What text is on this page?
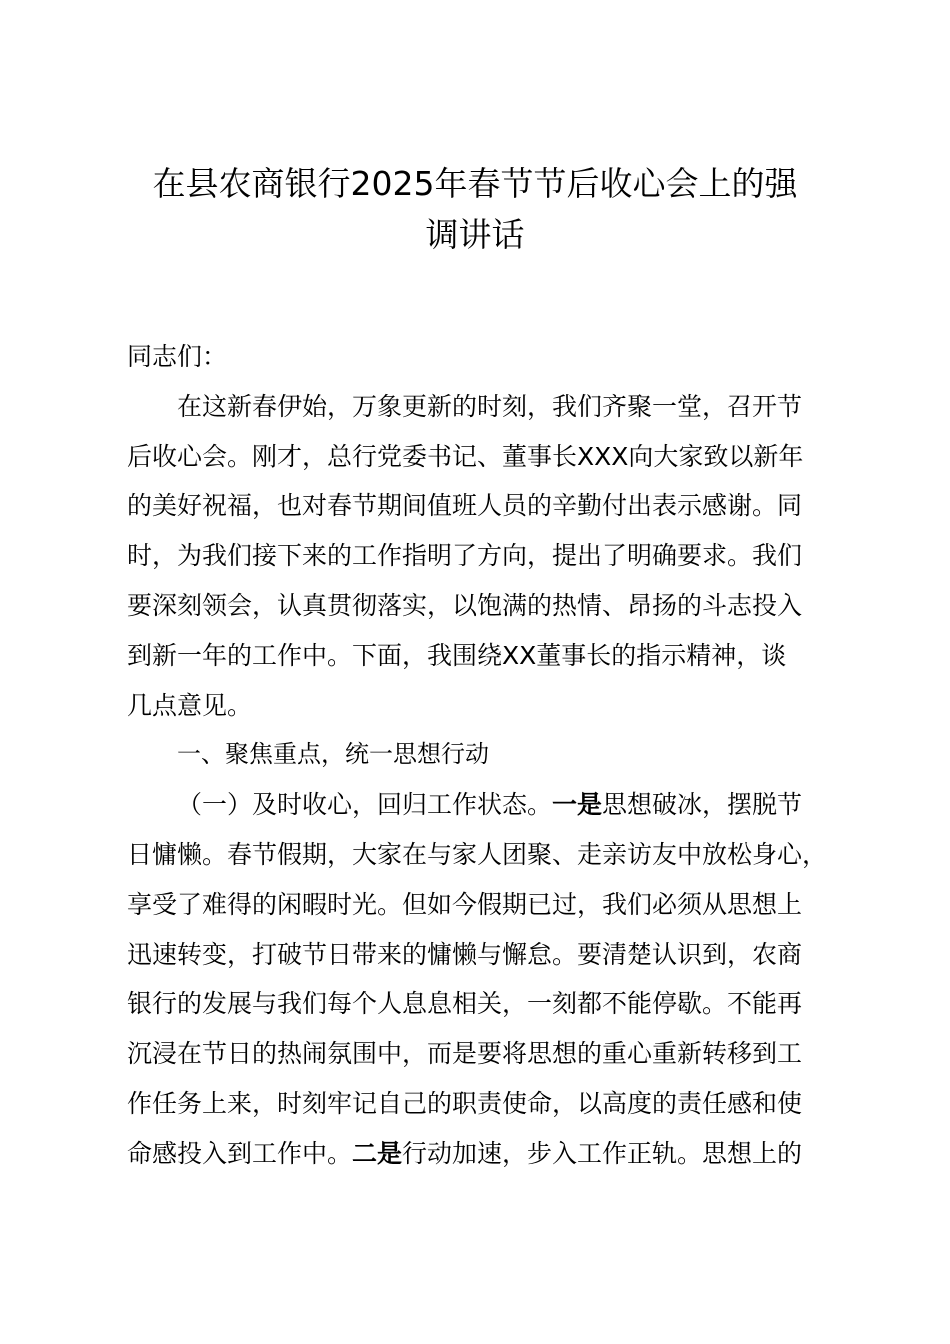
在县农商银行2025年春节节后收心会上的强
调讲话

同志们：

在这新春伊始，万象更新的时刻，我们齐聚一堂，召开节
后收心会。刚才，总行党委书记、董事长XXX向大家致以新年
的美好祝福，也对春节期间值班人员的辛勤付出表示感谢。同
时，为我们接下来的工作指明了方向，提出了明确要求。我们
要深刻领会，认真贯彻落实，以饱满的热情、昂扬的斗志投入
到新一年的工作中。下面，我围绕XX董事长的指示精神，谈
几点意见。

一、聚焦重点，统一思想行动

（一）及时收心，回归工作状态。一是思想破冰，摆脱节
日慵懒。春节假期，大家在与家人团聚、走亲访友中放松身心，
享受了难得的闲暇时光。但如今假期已过，我们必须从思想上
迅速转变，打破节日带来的慵懒与懈怠。要清楚认识到，农商
银行的发展与我们每个人息息相关，一刻都不能停歇。不能再
沉浸在节日的热闹氛围中，而是要将思想的重心重新转移到工
作任务上来，时刻牢记自己的职责使命，以高度的责任感和使
命感投入到工作中。二是行动加速，步入工作正轨。思想上的
